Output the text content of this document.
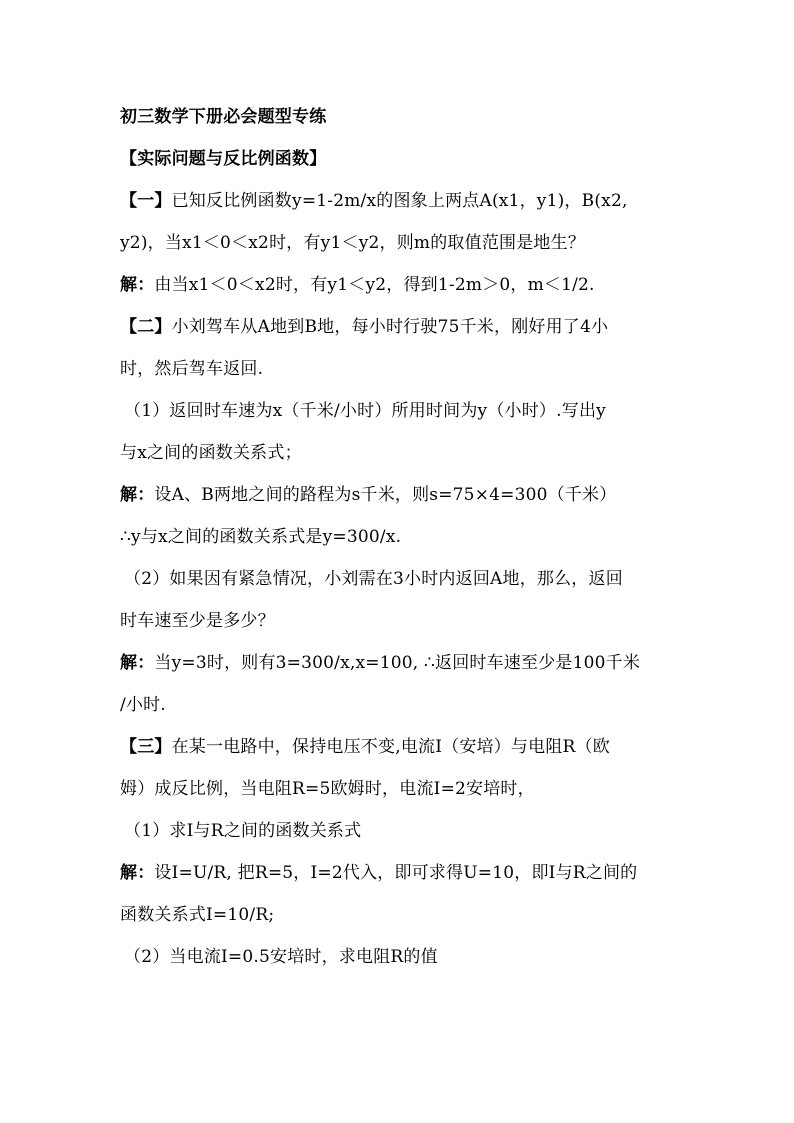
初三数学下册必会题型专练
【实际问题与反比例函数】
【一】已知反比例函数y=1-2m/x的图象上两点A(x1，y1)，B(x2,
y2)，当x1＜0＜x2时，有y1＜y2，则m的取值范围是地生？
解：由当x1＜0＜x2时，有y1＜y2，得到1-2m＞0，m＜1/2.
【二】小刘驾车从A地到B地，每小时行驶75千米，刚好用了4小
时，然后驾车返回.
（1）返回时车速为x（千米/小时）所用时间为y（小时）.写出y
与x之间的函数关系式；
解：设A、B两地之间的路程为s千米，则s=75×4=300（千米）
∴y与x之间的函数关系式是y=300/x.
（2）如果因有紧急情况，小刘需在3小时内返回A地，那么，返回
时车速至少是多少？
解：当y=3时，则有3=300/x,x=100, ∴返回时车速至少是100千米
/小时.
【三】在某一电路中，保持电压不变,电流I（安培）与电阻R（欧
姆）成反比例，当电阻R=5欧姆时，电流I=2安培时，
（1）求I与R之间的函数关系式
解：设I=U/R, 把R=5，I=2代入，即可求得U=10，即I与R之间的
函数关系式I=10/R;
（2）当电流I=0.5安培时，求电阻R的值
